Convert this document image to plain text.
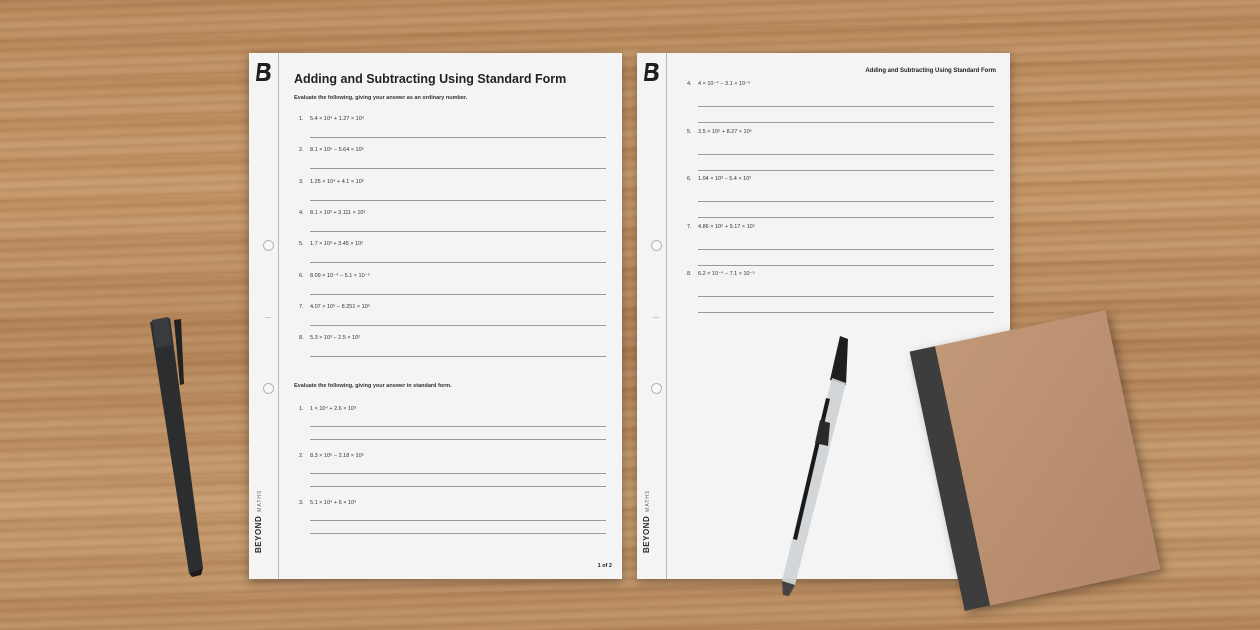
BEYONDMATHS
Adding and Subtracting Using Standard Form
Evaluate the following, giving your answer as an ordinary number.
1. 5.4 × 10⁴ + 1.27 × 10⁴
2. 8.1 × 10⁶ − 5.64 × 10⁵
3. 1.25 × 10⁴ + 4.1 × 10³
4. 8.1 × 10³ + 3.111 × 10²
5. 1.7 × 10³ + 3.45 × 10²
6. 8.09 × 10⁻⁴ − 5.1 × 10⁻⁵
7. 4.07 × 10⁶ − 8.251 × 10⁵
8. 5.3 × 10³ − 2.5 × 10²
Evaluate the following, giving your answer in standard form.
1. 1 × 10⁴ + 2.6 × 10³
2. 8.3 × 10⁶ − 2.18 × 10⁵
3. 5.1 × 10⁴ + 6 × 10³
1 of 2
BEYONDMATHS
Adding and Subtracting Using Standard Form
4. 4 × 10⁻⁴ − 3.1 × 10⁻⁵
5. 3.5 × 10⁶ + 8.27 × 10⁵
6. 1.04 × 10³ − 5.4 × 10²
7. 4.86 × 10⁶ + 9.17 × 10⁵
8. 6.2 × 10⁻⁴ − 7.1 × 10⁻⁵
